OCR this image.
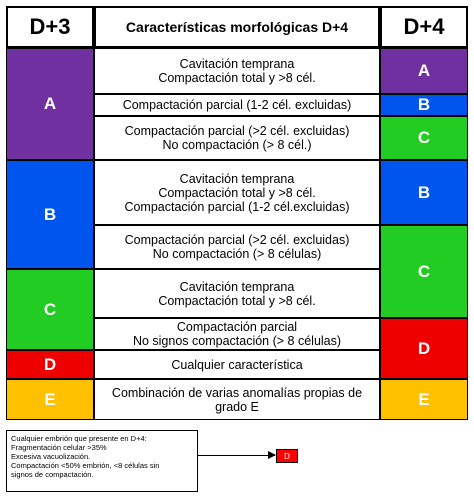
D+3	Características morfológicas D+4	D+4
A
B
C
D
E
Cavitación temprana
Compactación total y >8 cél.
Compactación parcial (1-2 cél. excluidas)
Compactación parcial (>2 cél. excluidas)
No compactación (> 8 cél.)
Cavitación temprana
Compactación total y >8 cél.
Compactación parcial (1-2 cél.excluidas)
Compactación parcial (>2 cél. excluidas)
No compactación (> 8 células)
Cavitación temprana
Compactación total y >8 cél.
Compactación parcial
No signos compactación (> 8 células)
Cualquier característica
Combinación de varias anomalías propias de
grado E
A
B
C
B
C
D
E
Cualquier embrión que presente en D+4:
Fragmentación celular >35%
Excesiva vacuolización.
Compactación <50% embrión, <8 células sin
signos de compactación.
D
